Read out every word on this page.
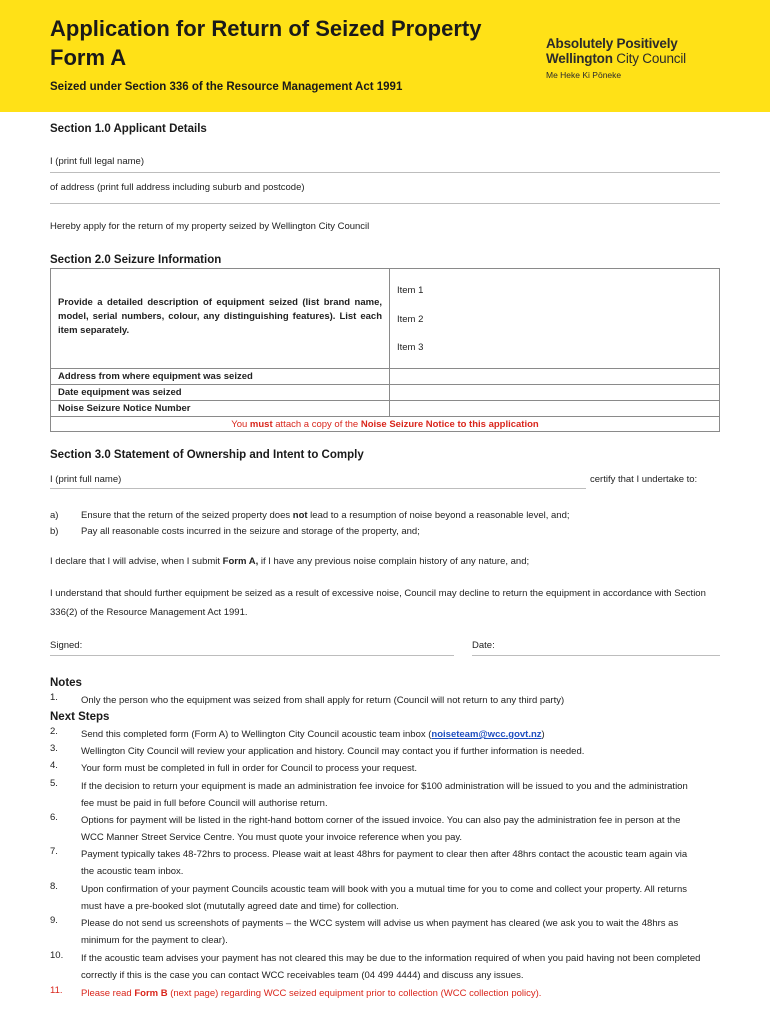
Application for Return of Seized Property
Form A
Seized under Section 336 of the Resource Management Act 1991
Absolutely Positively
Wellington City Council
Me Heke Ki Pōneke
Section 1.0 Applicant Details
I (print full legal name)
of address (print full address including suburb and postcode)
Hereby apply for the return of my property seized by Wellington City Council
Section 2.0 Seizure Information
Provide a detailed description of equipment seized (list brand name, model, serial numbers, colour, any distinguishing features). List each item separately.
Item 1
Item 2
Item 3
Address from where equipment was seized
Date equipment was seized
Noise Seizure Notice Number
You must attach a copy of the Noise Seizure Notice to this application
Section 3.0 Statement of Ownership and Intent to Comply
I (print full name)	certify that I undertake to:
a) Ensure that the return of the seized property does not lead to a resumption of noise beyond a reasonable level, and;
b) Pay all reasonable costs incurred in the seizure and storage of the property, and;
I declare that I will advise, when I submit Form A, if I have any previous noise complain history of any nature, and;
I understand that should further equipment be seized as a result of excessive noise, Council may decline to return the equipment in accordance with Section 336(2) of the Resource Management Act 1991.
Signed:	Date:
Notes
1. Only the person who the equipment was seized from shall apply for return (Council will not return to any third party)
Next Steps
2. Send this completed form (Form A) to Wellington City Council acoustic team inbox (noiseteam@wcc.govt.nz)
3. Wellington City Council will review your application and history. Council may contact you if further information is needed.
4. Your form must be completed in full in order for Council to process your request.
5. If the decision to return your equipment is made an administration fee invoice for $100 administration will be issued to you and the administration fee must be paid in full before Council will authorise return.
6. Options for payment will be listed in the right-hand bottom corner of the issued invoice. You can also pay the administration fee in person at the WCC Manner Street Service Centre. You must quote your invoice reference when you pay.
7. Payment typically takes 48-72hrs to process. Please wait at least 48hrs for payment to clear then after 48hrs contact the acoustic team again via the acoustic team inbox.
8. Upon confirmation of your payment Councils acoustic team will book with you a mutual time for you to come and collect your property. All returns must have a pre-booked slot (mututally agreed date and time) for collection.
9. Please do not send us screenshots of payments – the WCC system will advise us when payment has cleared (we ask you to wait the 48hrs as minimum for the payment to clear).
10. If the acoustic team advises your payment has not cleared this may be due to the information required of when you paid having not been completed correctly if this is the case you can contact WCC receivables team (04 499 4444) and discuss any issues.
11. Please read Form B (next page) regarding WCC seized equipment prior to collection (WCC collection policy).
